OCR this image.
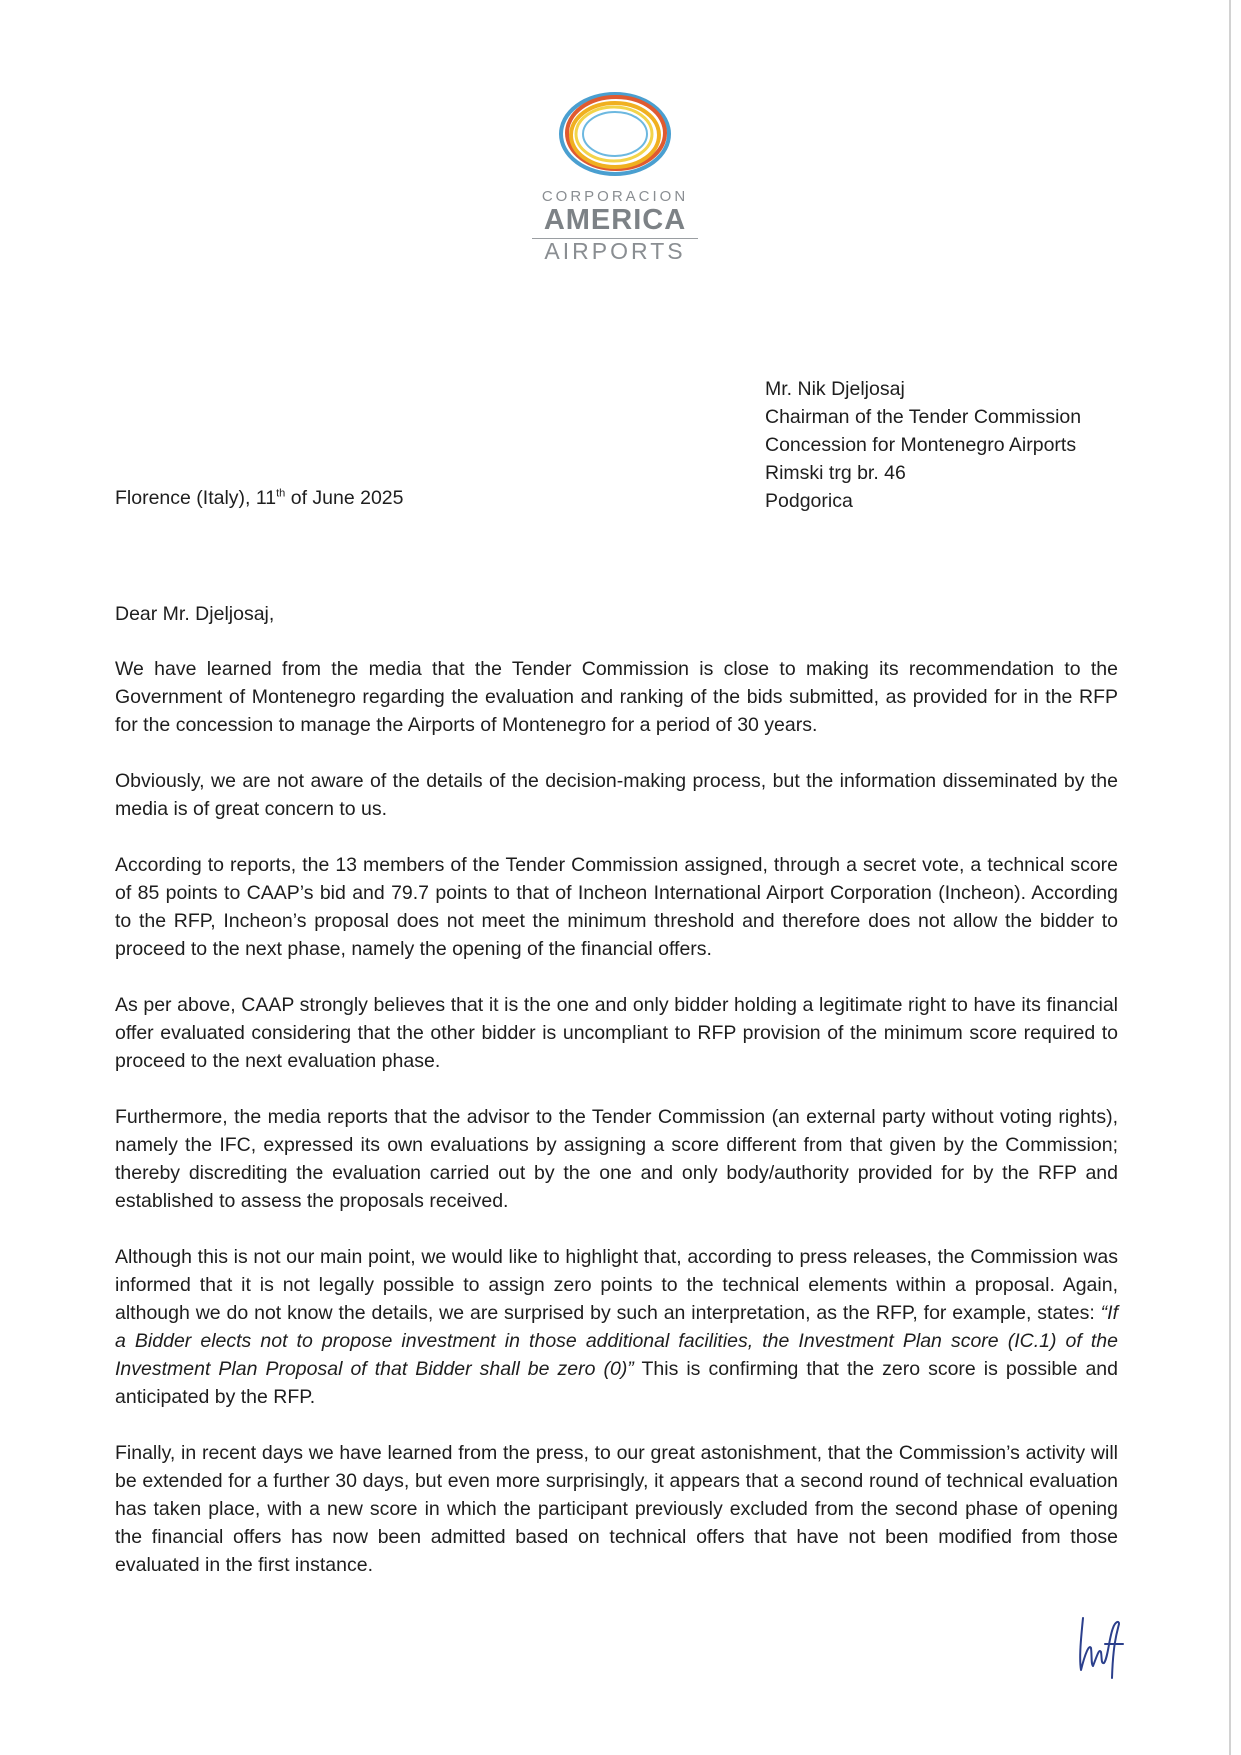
CORPORACION
AMERICA
AIRPORTS
Mr. Nik Djeljosaj
Chairman of the Tender Commission
Concession for Montenegro Airports
Rimski trg br. 46
Podgorica
Florence (Italy), 11th of June 2025
Dear Mr. Djeljosaj,

We have learned from the media that the Tender Commission is close to making its recommendation to the Government of Montenegro regarding the evaluation and ranking of the bids submitted, as provided for in the RFP for the concession to manage the Airports of Montenegro for a period of 30 years.

Obviously, we are not aware of the details of the decision-making process, but the information disseminated by the media is of great concern to us.

According to reports, the 13 members of the Tender Commission assigned, through a secret vote, a technical score of 85 points to CAAP’s bid and 79.7 points to that of Incheon International Airport Corporation (Incheon). According to the RFP, Incheon’s proposal does not meet the minimum threshold and therefore does not allow the bidder to proceed to the next phase, namely the opening of the financial offers.

As per above, CAAP strongly believes that it is the one and only bidder holding a legitimate right to have its financial offer evaluated considering that the other bidder is uncompliant to RFP provision of the minimum score required to proceed to the next evaluation phase.

Furthermore, the media reports that the advisor to the Tender Commission (an external party without voting rights), namely the IFC, expressed its own evaluations by assigning a score different from that given by the Commission; thereby discrediting the evaluation carried out by the one and only body/authority provided for by the RFP and established to assess the proposals received.

Although this is not our main point, we would like to highlight that, according to press releases, the Commission was informed that it is not legally possible to assign zero points to the technical elements within a proposal. Again, although we do not know the details, we are surprised by such an interpretation, as the RFP, for example, states: “If a Bidder elects not to propose investment in those additional facilities, the Investment Plan score (IC.1) of the Investment Plan Proposal of that Bidder shall be zero (0)” This is confirming that the zero score is possible and anticipated by the RFP.

Finally, in recent days we have learned from the press, to our great astonishment, that the Commission’s activity will be extended for a further 30 days, but even more surprisingly, it appears that a second round of technical evaluation has taken place, with a new score in which the participant previously excluded from the second phase of opening the financial offers has now been admitted based on technical offers that have not been modified from those evaluated in the first instance.
